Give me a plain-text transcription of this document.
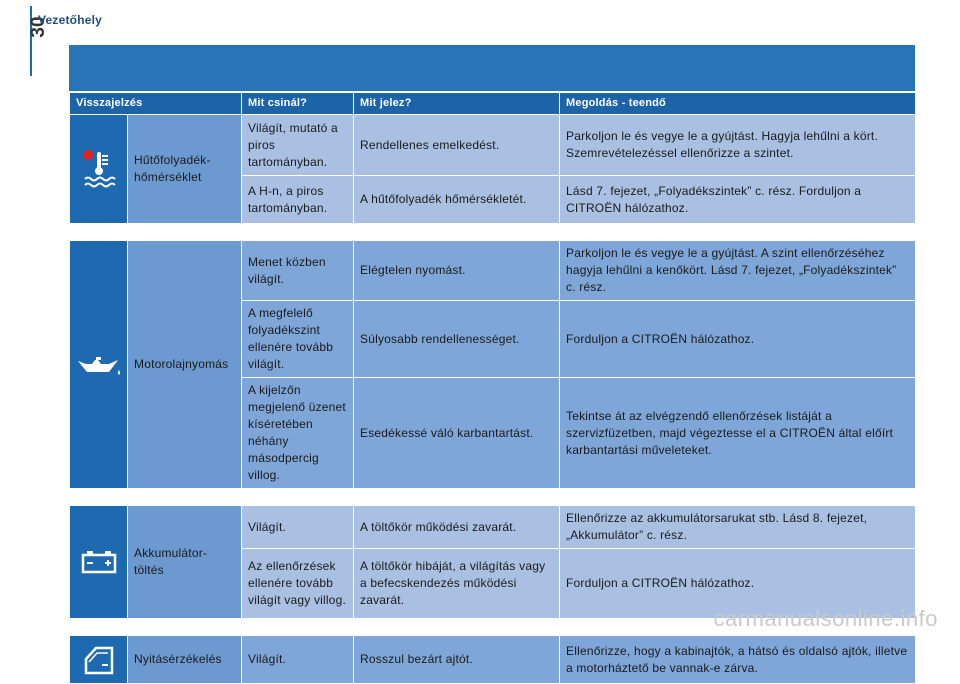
30
Vezetőhely
Visszajelzés		Mit csinál?	Mit jelez?	Megoldás - teendő

	Hűtőfolyadék-hőmérséklet	Világít, mutató a piros tartományban.	Rendellenes emelkedést.	Parkoljon le és vegye le a gyújtást. Hagyja lehűlni a kört. Szemrevételezéssel ellenőrizze a szintet.
		A H-n, a piros tartományban.	A hűtőfolyadék hőmérsékletét.	Lásd 7. fejezet, „Folyadékszintek” c. rész. Forduljon a CITROËN hálózathoz.

	Motorolajnyomás	Menet közben világít.	Elégtelen nyomást.	Parkoljon le és vegye le a gyújtást. A szint ellenőrzéséhez hagyja lehűlni a kenőkört. Lásd 7. fejezet, „Folyadékszintek” c. rész.
		A megfelelő folyadékszint ellenére tovább világít.	Súlyosabb rendellenességet.	Forduljon a CITROËN hálózathoz.
		A kijelzőn megjelenő üzenet kíséretében néhány másodpercig villog.	Esedékessé váló karbantartást.	Tekintse át az elvégzendő ellenőrzések listáját a szervizfüzetben, majd végeztesse el a CITROËN által előírt karbantartási műveleteket.

	Akkumulátor-töltés	Világít.	A töltőkör működési zavarát.	Ellenőrizze az akkumulátorsarukat stb. Lásd 8. fejezet, „Akkumulátor” c. rész.
		Az ellenőrzések ellenére tovább világít vagy villog.	A töltőkör hibáját, a világítás vagy a befecskendezés működési zavarát.	Forduljon a CITROËN hálózathoz.

	Nyitásérzékelés	Világít.	Rosszul bezárt ajtót.	Ellenőrizze, hogy a kabinajtók, a hátsó és oldalsó ajtók, illetve a motorháztető be vannak-e zárva.
carmanualsonline.info
